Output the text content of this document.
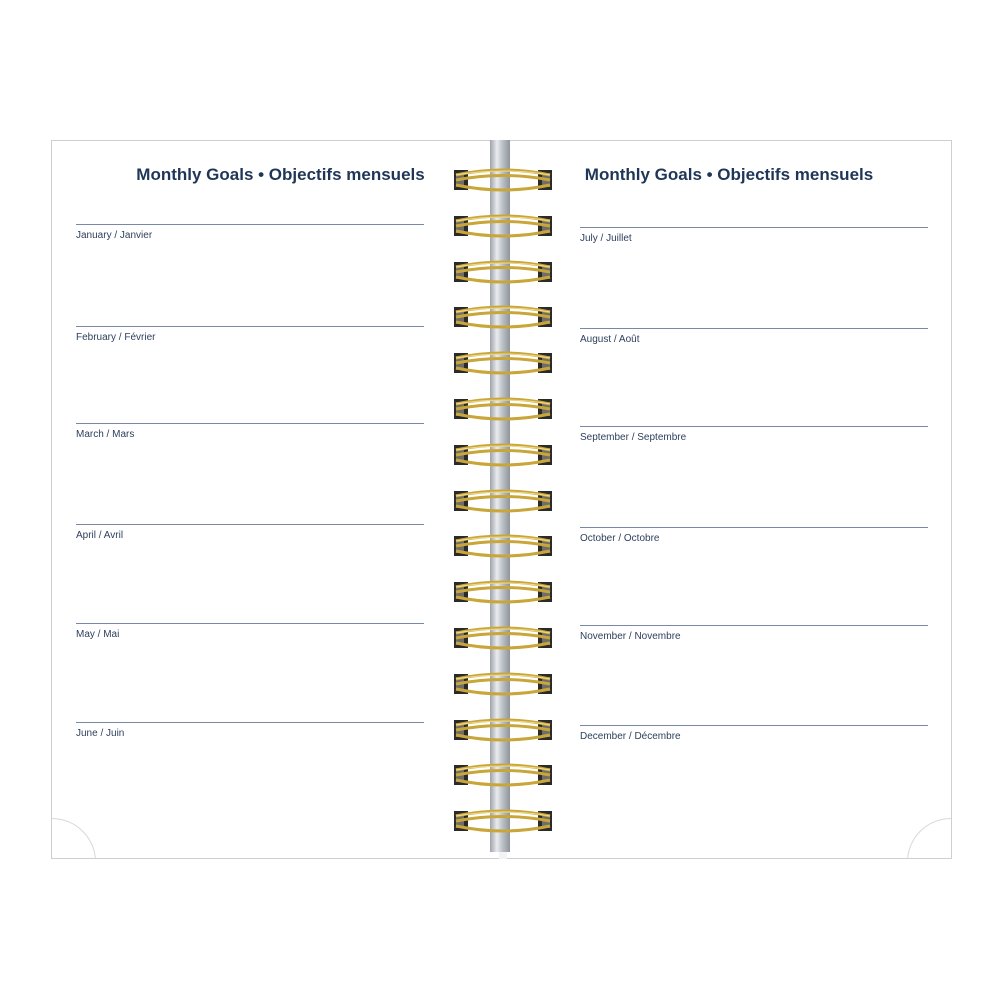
Monthly Goals • Objectifs mensuels
January / Janvier
February / Février
March / Mars
April / Avril
May / Mai
June / Juin
Monthly Goals • Objectifs mensuels
July / Juillet
August / Août
September / Septembre
October / Octobre
November / Novembre
December / Décembre
